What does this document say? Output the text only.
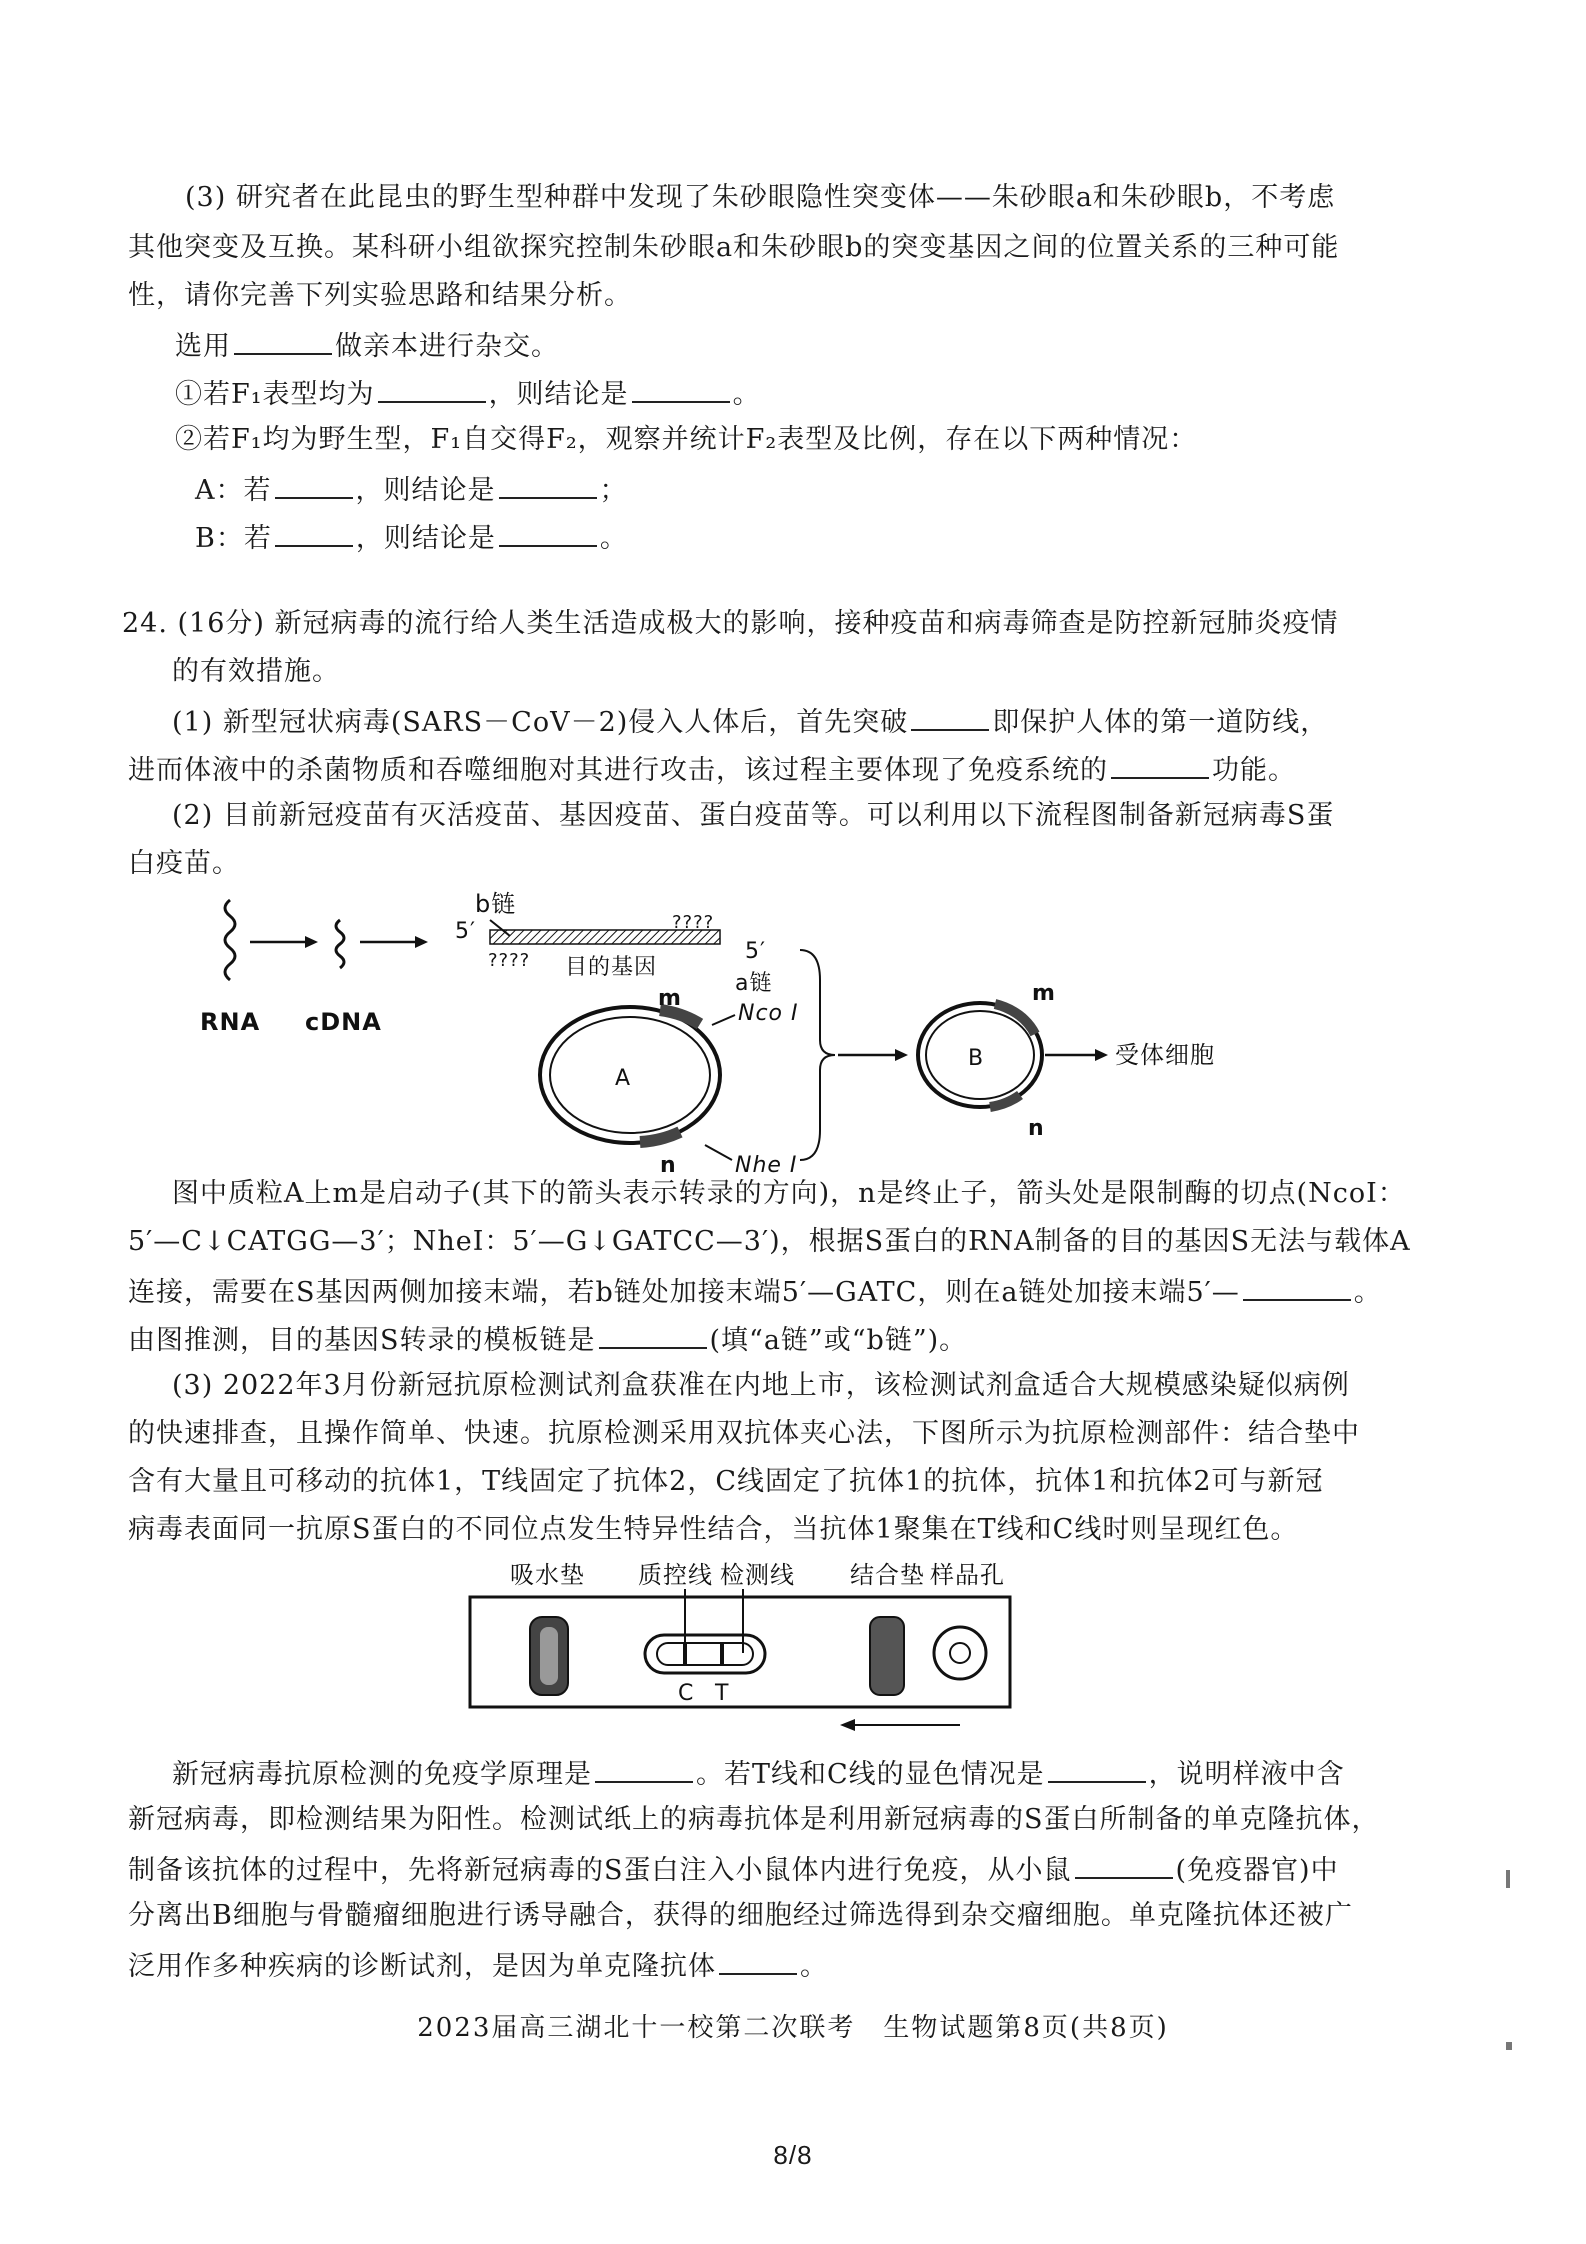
(3) 研究者在此昆虫的野生型种群中发现了朱砂眼隐性突变体——朱砂眼a和朱砂眼b，不考虑
其他突变及互换。某科研小组欲探究控制朱砂眼a和朱砂眼b的突变基因之间的位置关系的三种可能
性，请你完善下列实验思路和结果分析。
选用	做亲本进行杂交。
①若F₁表型均为	，则结论是	。
②若F₁均为野生型，F₁自交得F₂，观察并统计F₂表型及比例，存在以下两种情况：
A：若	，则结论是	；
B：若	，则结论是	。
24. (16分) 新冠病毒的流行给人类生活造成极大的影响，接种疫苗和病毒筛查是防控新冠肺炎疫情
的有效措施。
(1) 新型冠状病毒(SARS－CoV－2)侵入人体后，首先突破	即保护人体的第一道防线，
进而体液中的杀菌物质和吞噬细胞对其进行攻击，该过程主要体现了免疫系统的	功能。
(2) 目前新冠疫苗有灭活疫苗、基因疫苗、蛋白疫苗等。可以利用以下流程图制备新冠病毒S蛋
白疫苗。
RNA cDNA
b链
5′
????
????
5′
目的基因
a链
A
m
n
Nco I
Nhe I
B
m
n
受体细胞
图中质粒A上m是启动子(其下的箭头表示转录的方向)，n是终止子，箭头处是限制酶的切点(NcoI：
5′—C↓CATGG—3′；NheI：5′—G↓GATCC—3′)，根据S蛋白的RNA制备的目的基因S无法与载体A
连接，需要在S基因两侧加接末端，若b链处加接末端5′—GATC，则在a链处加接末端5′—	。
由图推测，目的基因S转录的模板链是	(填“a链”或“b链”)。
(3) 2022年3月份新冠抗原检测试剂盒获准在内地上市，该检测试剂盒适合大规模感染疑似病例
的快速排查，且操作简单、快速。抗原检测采用双抗体夹心法，下图所示为抗原检测部件：结合垫中
含有大量且可移动的抗体1，T线固定了抗体2，C线固定了抗体1的抗体，抗体1和抗体2可与新冠
病毒表面同一抗原S蛋白的不同位点发生特异性结合，当抗体1聚集在T线和C线时则呈现红色。
吸水垫 质控线 检测线 结合垫 样品孔
C T
新冠病毒抗原检测的免疫学原理是	。若T线和C线的显色情况是	，说明样液中含
新冠病毒，即检测结果为阳性。检测试纸上的病毒抗体是利用新冠病毒的S蛋白所制备的单克隆抗体，
制备该抗体的过程中，先将新冠病毒的S蛋白注入小鼠体内进行免疫，从小鼠	(免疫器官)中
分离出B细胞与骨髓瘤细胞进行诱导融合，获得的细胞经过筛选得到杂交瘤细胞。单克隆抗体还被广
泛用作多种疾病的诊断试剂，是因为单克隆抗体	。
2023届高三湖北十一校第二次联考　生物试题第8页(共8页)
8/8
